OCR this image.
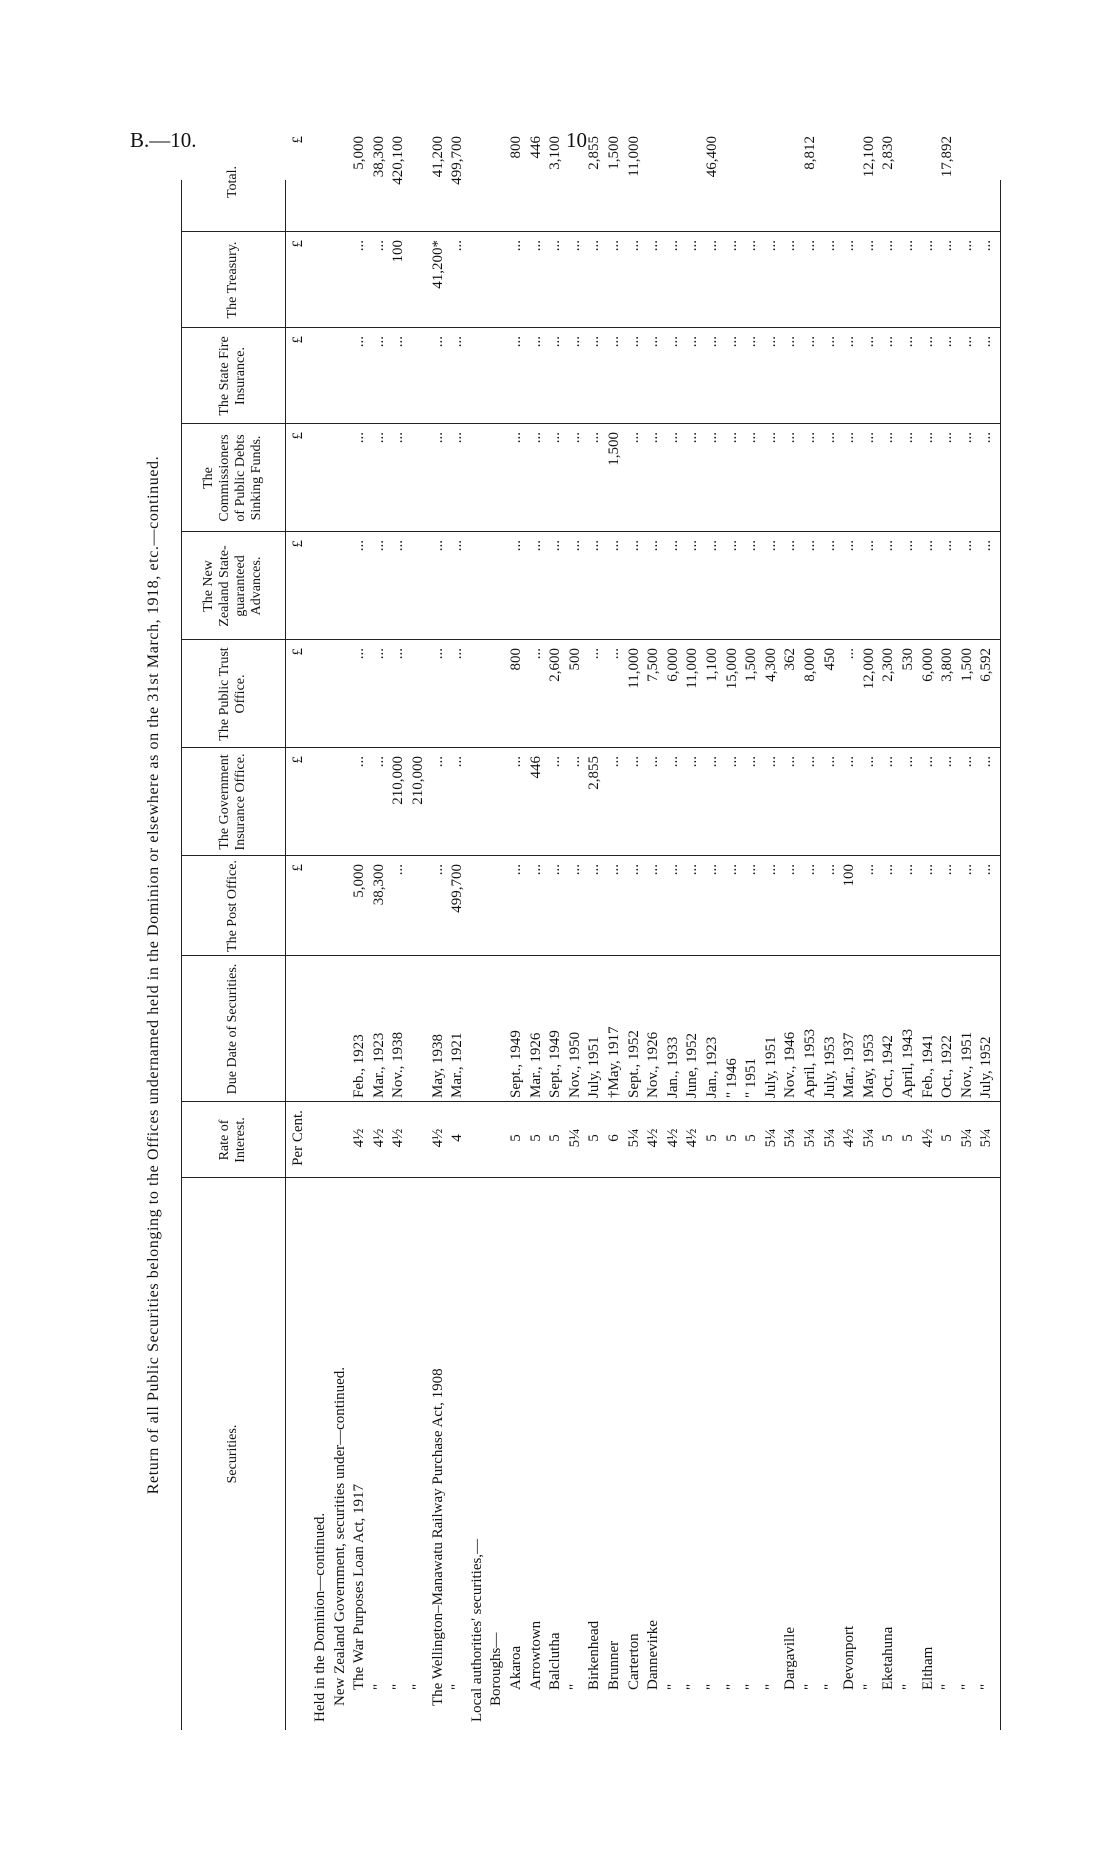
B.—10.	10
Return of all Public Securities belonging to the Offices undernamed held in the Dominion or elsewhere as on the 31st March, 1918, etc.—continued.	Securities.
Rate of Interest.
Due Date of Securities.
The Post Office.
The Government Insurance Office.
The Public Trust Office.
The New Zealand State-guaranteed Advances.
The Commissioners of Public Debts Sinking Funds.
The State Fire Insurance.
The Treasury.
Total.
Per Cent.
£
£
£
£
£
£
£
£
Held in the Dominion—continued. New Zealand Government, securities under—continued. The War Purposes Loan Act, 1917
4½
Feb., 1923
5,000
...
...
...
...
...
...
5,000
"
4½
Mar., 1923
38,300
...
...
...
...
...
...
38,300
"
4½
Nov., 1938
...
210,000
...
...
...
...
100
420,100
"
210,000
The Wellington–Manawatu Railway Purchase Act, 1908
4½
May, 1938
...
...
...
...
...
...
41,200*
41,200
"
4
Mar., 1921
499,700
...
...
...
...
...
...
499,700
Local authorities' securities,— Boroughs— Akaroa
5
Sept., 1949
...
...
800
...
...
...
...
800
Arrowtown
5
Mar., 1926
...
446
...
...
...
...
...
446
Balclutha
5
Sept., 1949
...
...
2,600
...
...
...
...
3,100
"
5¼
Nov., 1950
...
...
500
...
...
...
...
Birkenhead
5
July, 1951
...
2,855
...
...
...
...
...
2,855
Brunner
6
†May, 1917
...
...
...
...
1,500
...
...
1,500
Carterton
5¼
Sept., 1952
...
...
11,000
...
...
...
...
11,000
Dannevirke
4½
Nov., 1926
...
...
7,500
...
...
...
...
"
4½
Jan., 1933
...
...
6,000
...
...
...
...
"
4½
June, 1952
...
...
11,000
...
...
...
...
"
5
Jan., 1923
...
...
1,100
...
...
...
...
46,400
"
5
" 1946
...
...
15,000
...
...
...
...
"
5
" 1951
...
...
1,500
...
...
...
...
"
5¼
July, 1951
...
...
4,300
...
...
...
...
Dargaville
5¼
Nov., 1946
...
...
362
...
...
...
...
"
5¼
April, 1953
...
...
8,000
...
...
...
...
8,812
"
5¼
July, 1953
...
...
450
...
...
...
...
Devonport
4½
Mar., 1937
100
...
...
...
...
...
...
"
5¼
May, 1953
...
...
12,000
...
...
...
...
12,100
Eketahuna
5
Oct., 1942
...
...
2,300
...
...
...
...
2,830
"
5
April, 1943
...
...
530
...
...
...
...
Eltham
4½
Feb., 1941
...
...
6,000
...
...
...
...
"
5
Oct., 1922
...
...
3,800
...
...
...
...
17,892
"
5¼
Nov., 1951
...
...
1,500
...
...
...
...
"
5¼
July, 1952
...
...
6,592
...
...
...
...
